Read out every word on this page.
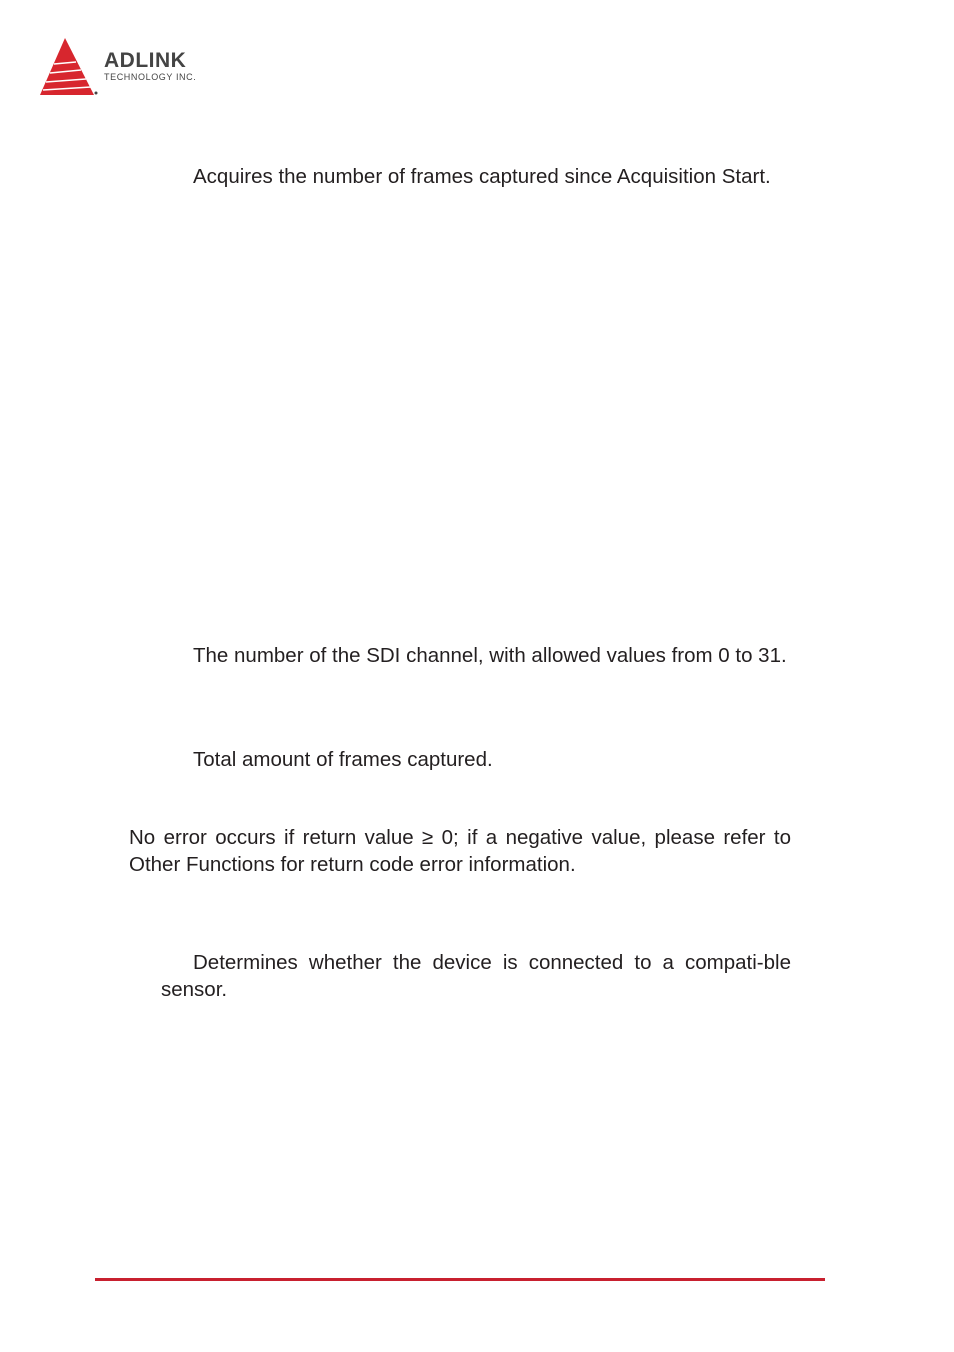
ADLINK
TECHNOLOGY INC.

Acquires the number of frames captured since Acquisition Start.

The number of the SDI channel, with allowed values from 0 to 31.

Total amount of frames captured.

No error occurs if return value ≥ 0; if a negative value, please refer to Other Functions for return code error information.

Determines whether the device is connected to a compati-ble sensor.
